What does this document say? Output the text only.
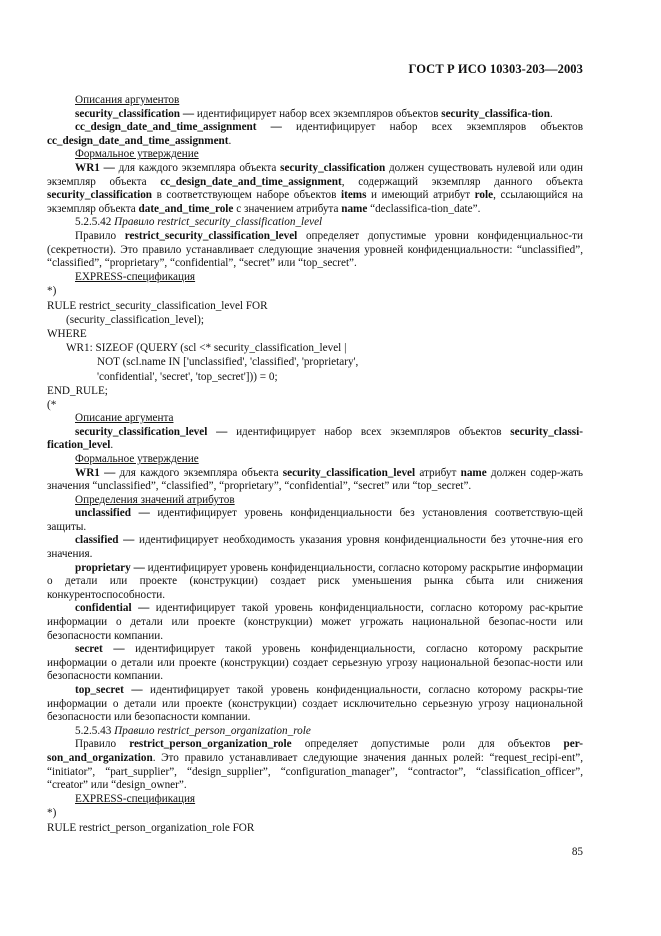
ГОСТ Р ИСО 10303-203—2003

Описания аргументов

security_classification — идентифицирует набор всех экземпляров объектов security_classifica-tion.

cc_design_date_and_time_assignment — идентифицирует набор всех экземпляров объектов cc_design_date_and_time_assignment.

Формальное утверждение

WR1 — для каждого экземпляра объекта security_classification должен существовать нулевой или один экземпляр объекта cc_design_date_and_time_assignment, содержащий экземпляр данного объекта security_classification в соответствующем наборе объектов items и имеющий атрибут role, ссылающийся на экземпляр объекта date_and_time_role с значением атрибута name “declassifica-tion_date”.

5.2.5.42 Правило restrict_security_classification_level

Правило restrict_security_classification_level определяет допустимые уровни конфиденциальнос-ти (секретности). Это правило устанавливает следующие значения уровней конфиденциальности: “unclassified”, “classified”, “proprietary”, “confidential”, “secret” или “top_secret”.

EXPRESS-спецификация

*)

RULE restrict_security_classification_level FOR

(security_classification_level);

WHERE

WR1: SIZEOF (QUERY (scl <* security_classification_level |

NOT (scl.name IN ['unclassified', 'classified', 'proprietary',

'confidential', 'secret', 'top_secret'])) = 0;

END_RULE;

(*

Описание аргумента

security_classification_level — идентифицирует набор всех экземпляров объектов security_classi-fication_level.

Формальное утверждение

WR1 — для каждого экземпляра объекта security_classification_level атрибут name должен содер-жать значения “unclassified”, “classified”, “proprietary”, “confidential”, “secret” или “top_secret”.

Определения значений атрибутов

unclassified — идентифицирует уровень конфиденциальности без установления соответствую-щей защиты.

classified — идентифицирует необходимость указания уровня конфиденциальности без уточне-ния его значения.

proprietary — идентифицирует уровень конфиденциальности, согласно которому раскрытие информации о детали или проекте (конструкции) создает риск уменьшения рынка сбыта или снижения конкурентоспособности.

confidential — идентифицирует такой уровень конфиденциальности, согласно которому рас-крытие информации о детали или проекте (конструкции) может угрожать национальной безопас-ности или безопасности компании.

secret — идентифицирует такой уровень конфиденциальности, согласно которому раскрытие информации о детали или проекте (конструкции) создает серьезную угрозу национальной безопас-ности или безопасности компании.

top_secret — идентифицирует такой уровень конфиденциальности, согласно которому раскры-тие информации о детали или проекте (конструкции) создает исключительно серьезную угрозу национальной безопасности или безопасности компании.

5.2.5.43 Правило restrict_person_organization_role

Правило restrict_person_organization_role определяет допустимые роли для объектов per-son_and_organization. Это правило устанавливает следующие значения данных ролей: “request_recipi-ent”, “initiator”, “part_supplier”, “design_supplier”, “configuration_manager”, “contractor”, “classification_officer”, “creator” или “design_owner”.

EXPRESS-спецификация

*)

RULE restrict_person_organization_role FOR

85
